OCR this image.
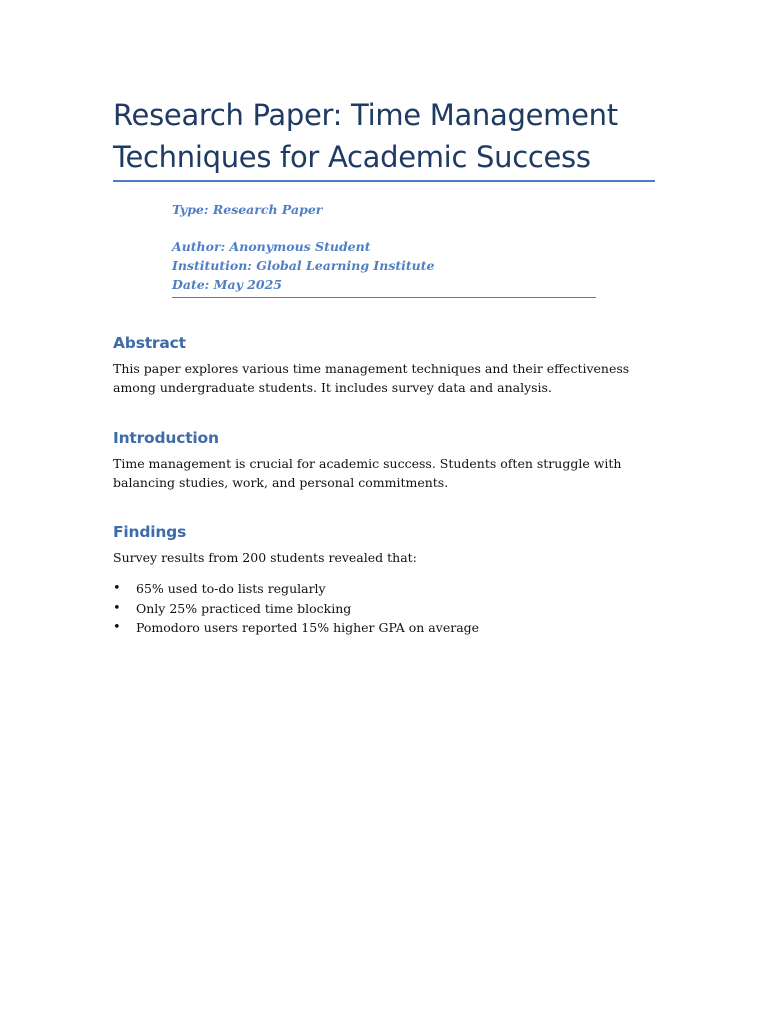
Research Paper: Time Management Techniques for Academic Success
Type: Research Paper
Author: Anonymous Student
Institution: Global Learning Institute
Date: May 2025
Abstract

This paper explores various time management techniques and their effectiveness among undergraduate students. It includes survey data and analysis.

Introduction

Time management is crucial for academic success. Students often struggle with balancing studies, work, and personal commitments.

Findings

Survey results from 200 students revealed that:

• 65% used to-do lists regularly
• Only 25% practiced time blocking
• Pomodoro users reported 15% higher GPA on average
